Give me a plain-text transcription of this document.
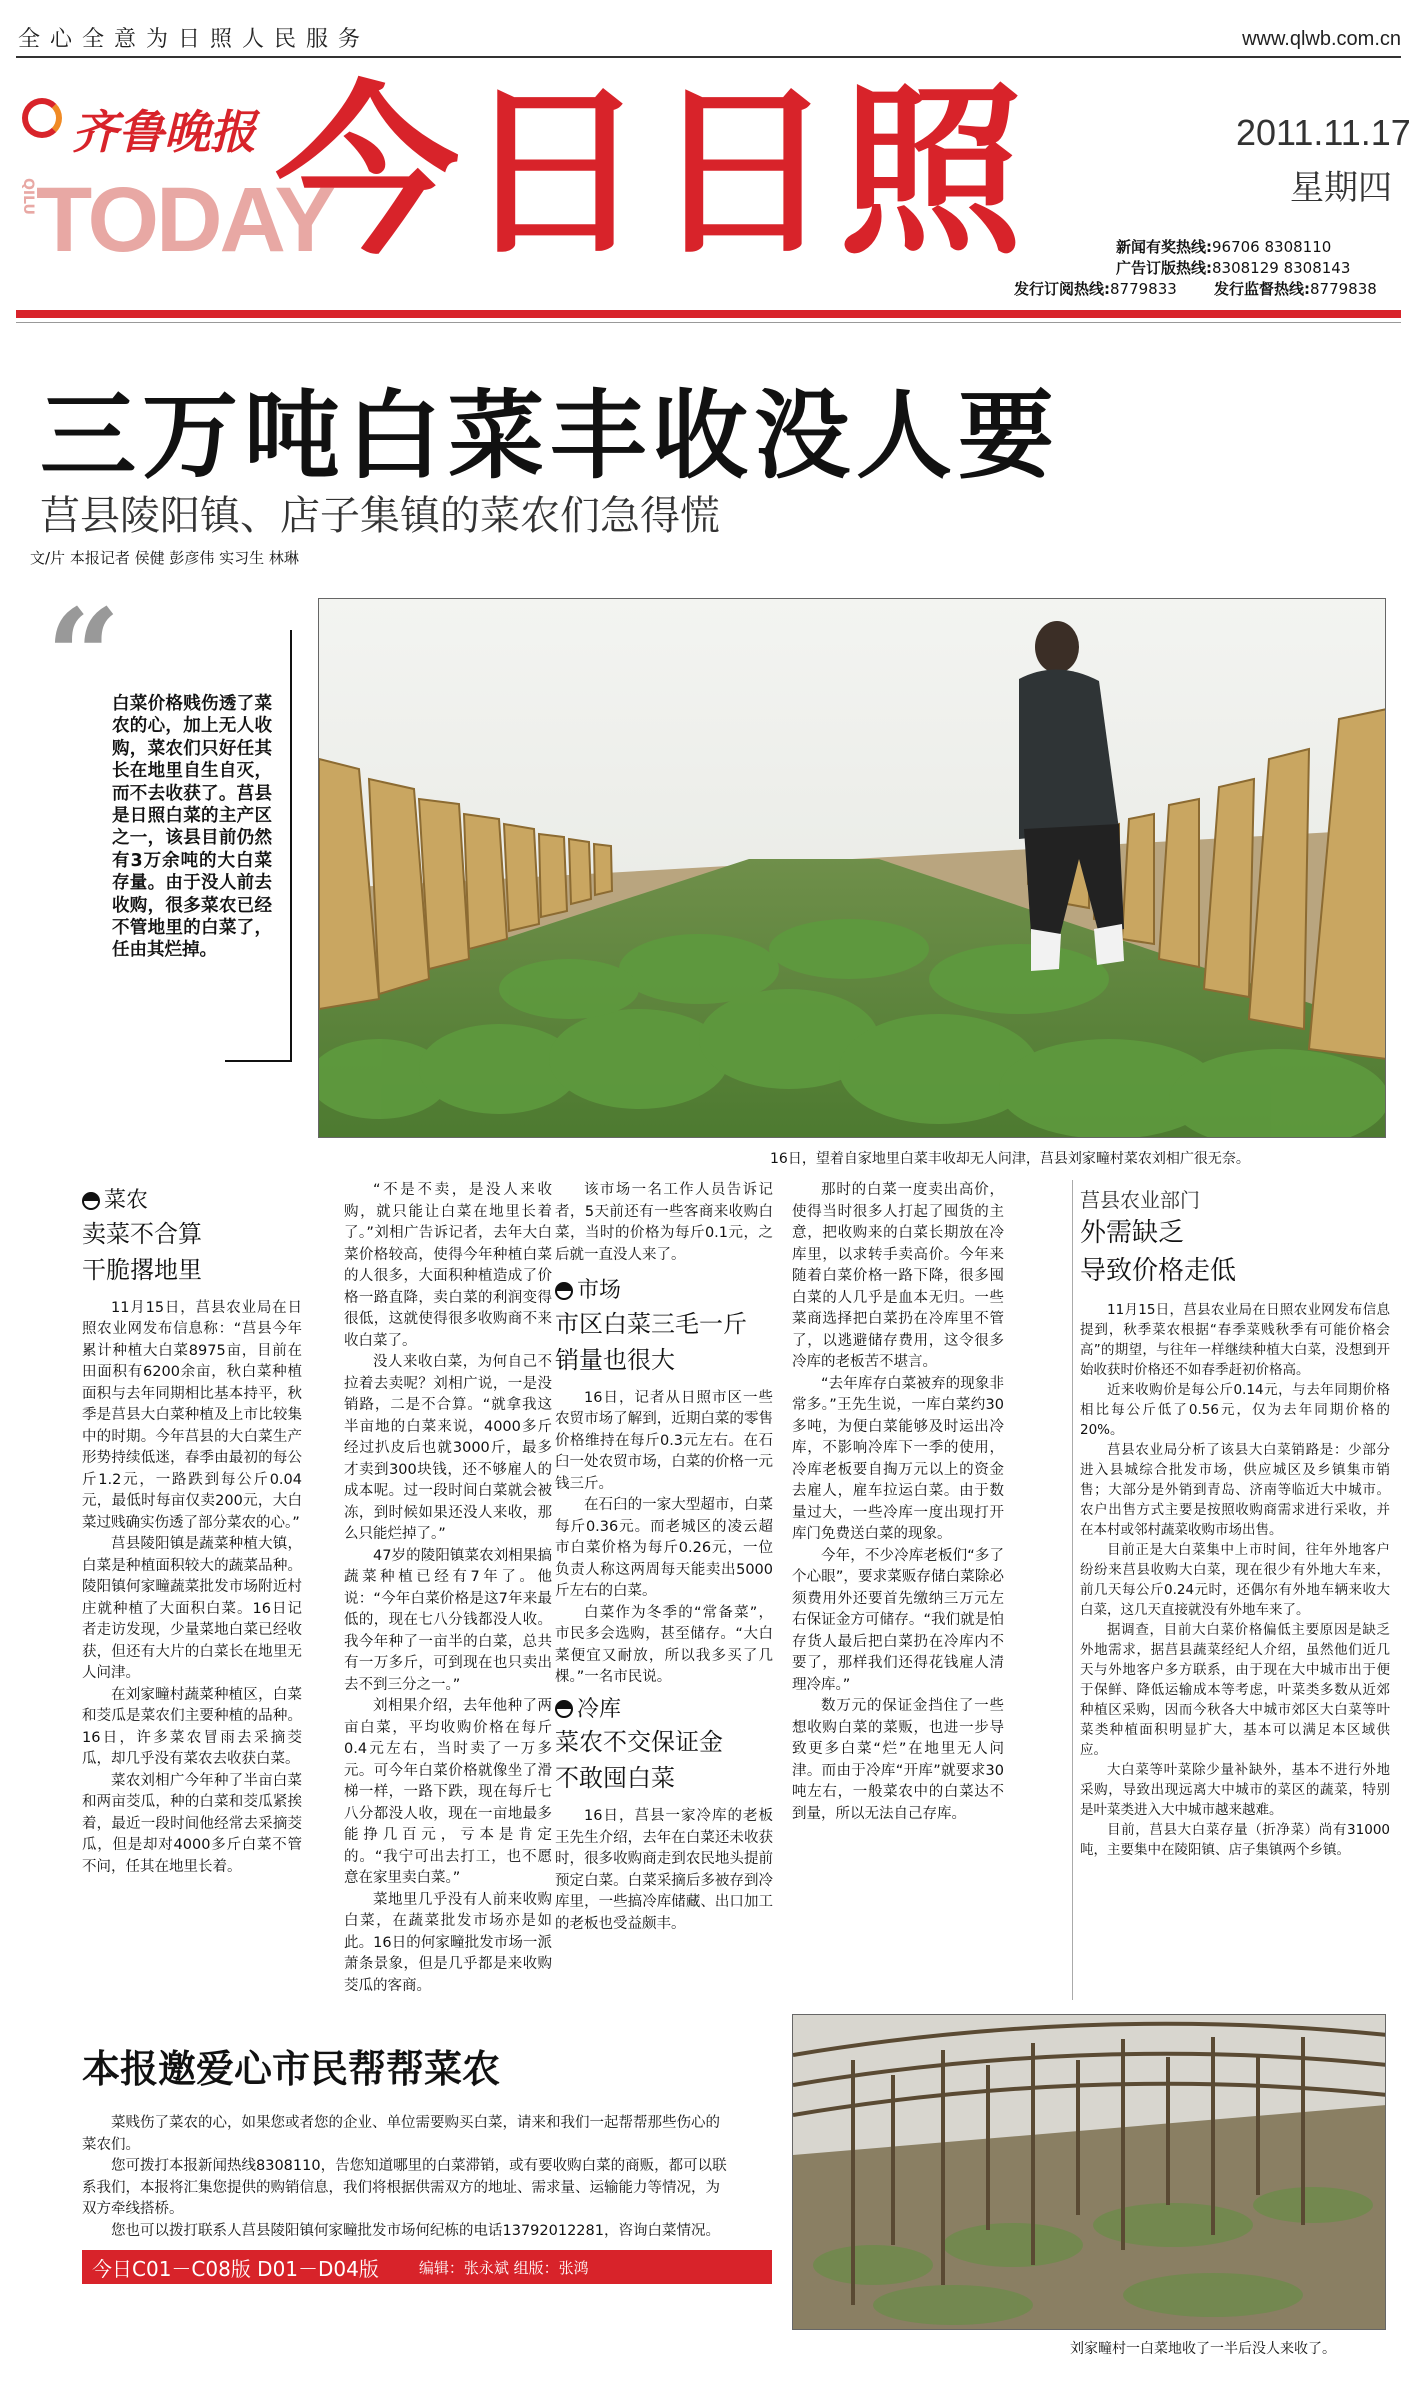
全心全意为日照人民服务	www.qlwb.com.cn
齐鲁晚报
QILU TODAY
今日日照	2011.11.17
星期四
新闻有奖热线:96706 8308110
广告订版热线:8308129 8308143
发行订阅热线:8779833 发行监督热线:8779838
三万吨白菜丰收没人要
莒县陵阳镇、店子集镇的菜农们急得慌
文/片 本报记者 侯健 彭彦伟 实习生 林琳
“
白菜价格贱伤透了菜农的心，加上无人收购，菜农们只好任其长在地里自生自灭，而不去收获了。莒县是日照白菜的主产区之一，该县目前仍然有3万余吨的大白菜存量。由于没人前去收购，很多菜农已经不管地里的白菜了，任由其烂掉。
16日，望着自家地里白菜丰收却无人问津，莒县刘家疃村菜农刘相广很无奈。
菜农
卖菜不合算
干脆撂地里

11月15日，莒县农业局在日照农业网发布信息称：“莒县今年累计种植大白菜8975亩，目前在田面积有6200余亩，秋白菜种植面积与去年同期相比基本持平，秋季是莒县大白菜种植及上市比较集中的时期。今年莒县的大白菜生产形势持续低迷，春季由最初的每公斤1.2元，一路跌到每公斤0.04元，最低时每亩仅卖200元，大白菜过贱确实伤透了部分菜农的心。”

莒县陵阳镇是蔬菜种植大镇，白菜是种植面积较大的蔬菜品种。陵阳镇何家疃蔬菜批发市场附近村庄就种植了大面积白菜。16日记者走访发现，少量菜地白菜已经收获，但还有大片的白菜长在地里无人问津。

在刘家疃村蔬菜种植区，白菜和茭瓜是菜农们主要种植的品种。16日，许多菜农冒雨去采摘茭瓜，却几乎没有菜农去收获白菜。

菜农刘相广今年种了半亩白菜和两亩茭瓜，种的白菜和茭瓜紧挨着，最近一段时间他经常去采摘茭瓜，但是却对4000多斤白菜不管不问，任其在地里长着。

“不是不卖，是没人来收购，就只能让白菜在地里长着了。”刘相广告诉记者，去年大白菜价格较高，使得今年种植白菜的人很多，大面积种植造成了价格一路直降，卖白菜的利润变得很低，这就使得很多收购商不来收白菜了。

没人来收白菜，为何自己不拉着去卖呢？刘相广说，一是没销路，二是不合算。“就拿我这半亩地的白菜来说，4000多斤经过扒皮后也就3000斤，最多才卖到300块钱，还不够雇人的成本呢。过一段时间白菜就会被冻，到时候如果还没人来收，那么只能烂掉了。”

47岁的陵阳镇菜农刘相果搞蔬菜种植已经有7年了。他说：“今年白菜价格是这7年来最低的，现在七八分钱都没人收。我今年种了一亩半的白菜，总共有一万多斤，可到现在也只卖出去不到三分之一。”

刘相果介绍，去年他种了两亩白菜，平均收购价格在每斤0.4元左右，当时卖了一万多元。可今年白菜价格就像坐了滑梯一样，一路下跌，现在每斤七八分都没人收，现在一亩地最多能挣几百元，亏本是肯定的。“我宁可出去打工，也不愿意在家里卖白菜。”

菜地里几乎没有人前来收购白菜，在蔬菜批发市场亦是如此。16日的何家疃批发市场一派萧条景象，但是几乎都是来收购茭瓜的客商。

该市场一名工作人员告诉记者，5天前还有一些客商来收购白菜，当时的价格为每斤0.1元，之后就一直没人来了。

市场
市区白菜三毛一斤
销量也很大

16日，记者从日照市区一些农贸市场了解到，近期白菜的零售价格维持在每斤0.3元左右。在石臼一处农贸市场，白菜的价格一元钱三斤。

在石臼的一家大型超市，白菜每斤0.36元。而老城区的凌云超市白菜价格为每斤0.26元，一位负责人称这两周每天能卖出5000斤左右的白菜。

白菜作为冬季的“常备菜”，市民多会选购，甚至储存。“大白菜便宜又耐放，所以我多买了几棵。”一名市民说。

冷库
菜农不交保证金
不敢囤白菜

16日，莒县一家冷库的老板王先生介绍，去年在白菜还未收获时，很多收购商走到农民地头提前预定白菜。白菜采摘后多被存到冷库里，一些搞冷库储藏、出口加工的老板也受益颇丰。

那时的白菜一度卖出高价，使得当时很多人打起了囤货的主意，把收购来的白菜长期放在冷库里，以求转手卖高价。今年来随着白菜价格一路下降，很多囤白菜的人几乎是血本无归。一些菜商选择把白菜扔在冷库里不管了，以逃避储存费用，这令很多冷库的老板苦不堪言。

“去年库存白菜被弃的现象非常多。”王先生说，一库白菜约30多吨，为便白菜能够及时运出冷库，不影响冷库下一季的使用，冷库老板要自掏万元以上的资金去雇人，雇车拉运白菜。由于数量过大，一些冷库一度出现打开库门免费送白菜的现象。

今年，不少冷库老板们“多了个心眼”，要求菜贩存储白菜除必须费用外还要首先缴纳三万元左右保证金方可储存。“我们就是怕存货人最后把白菜扔在冷库内不要了，那样我们还得花钱雇人清理冷库。”

数万元的保证金挡住了一些想收购白菜的菜贩，也进一步导致更多白菜“烂”在地里无人问津。而由于冷库“开库”就要求30吨左右，一般菜农中的白菜达不到量，所以无法自己存库。

莒县农业部门
外需缺乏
导致价格走低

11月15日，莒县农业局在日照农业网发布信息提到，秋季菜农根据“春季菜贱秋季有可能价格会高”的期望，与往年一样继续种植大白菜，没想到开始收获时价格还不如春季赶初价格高。

近来收购价是每公斤0.14元，与去年同期价格相比每公斤低了0.56元，仅为去年同期价格的20%。

莒县农业局分析了该县大白菜销路是：少部分进入县城综合批发市场，供应城区及乡镇集市销售；大部分是外销到青岛、济南等临近大中城市。农户出售方式主要是按照收购商需求进行采收，并在本村或邻村蔬菜收购市场出售。

目前正是大白菜集中上市时间，往年外地客户纷纷来莒县收购大白菜，现在很少有外地大车来，前几天每公斤0.24元时，还偶尔有外地车辆来收大白菜，这几天直接就没有外地车来了。

据调查，目前大白菜价格偏低主要原因是缺乏外地需求，据莒县蔬菜经纪人介绍，虽然他们近几天与外地客户多方联系，由于现在大中城市出于便于保鲜、降低运输成本等考虑，叶菜类多数从近郊种植区采购，因而今秋各大中城市郊区大白菜等叶菜类种植面积明显扩大，基本可以满足本区域供应。

大白菜等叶菜除少量补缺外，基本不进行外地采购，导致出现远离大中城市的菜区的蔬菜，特别是叶菜类进入大中城市越来越难。

目前，莒县大白菜存量（折净菜）尚有31000吨，主要集中在陵阳镇、店子集镇两个乡镇。

本报邀爱心市民帮帮菜农

菜贱伤了菜农的心，如果您或者您的企业、单位需要购买白菜，请来和我们一起帮帮那些伤心的菜农们。

您可拨打本报新闻热线8308110，告您知道哪里的白菜滞销，或有要收购白菜的商贩，都可以联系我们，本报将汇集您提供的购销信息，我们将根据供需双方的地址、需求量、运输能力等情况，为双方牵线搭桥。

您也可以拨打联系人莒县陵阳镇何家疃批发市场何纪栋的电话13792012281，咨询白菜情况。

今日C01－C08版 D01－D04版	编辑：张永斌 组版：张鸿
刘家疃村一白菜地收了一半后没人来收了。
